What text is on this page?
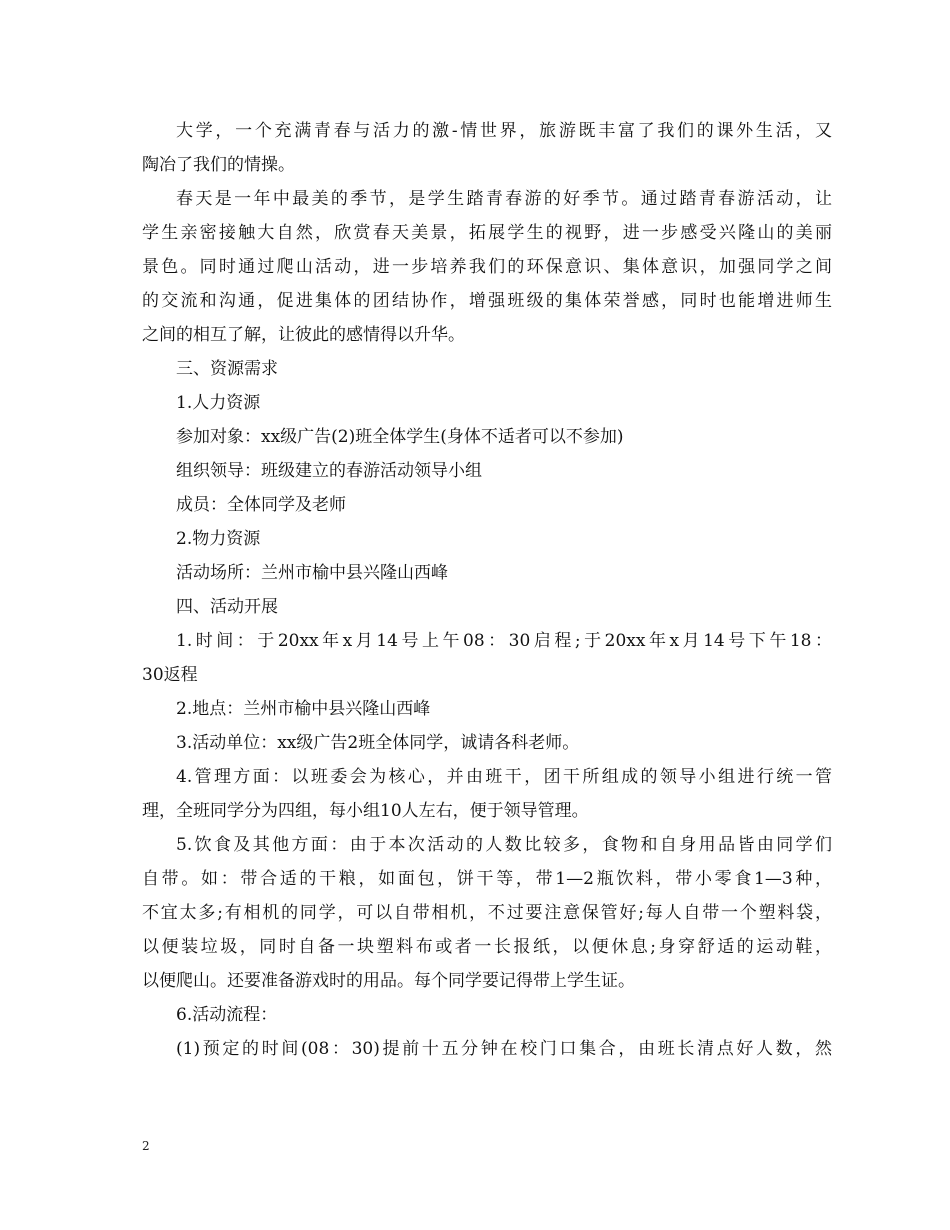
大学，一个充满青春与活力的激-情世界，旅游既丰富了我们的课外生活，又
陶冶了我们的情操。
春天是一年中最美的季节，是学生踏青春游的好季节。通过踏青春游活动，让
学生亲密接触大自然，欣赏春天美景，拓展学生的视野，进一步感受兴隆山的美丽
景色。同时通过爬山活动，进一步培养我们的环保意识、集体意识，加强同学之间
的交流和沟通，促进集体的团结协作，增强班级的集体荣誉感，同时也能增进师生
之间的相互了解，让彼此的感情得以升华。
三、资源需求
1.人力资源
参加对象：xx级广告(2)班全体学生(身体不适者可以不参加)
组织领导：班级建立的春游活动领导小组
成员：全体同学及老师
2.物力资源
活动场所：兰州市榆中县兴隆山西峰
四、活动开展
1.时间：于20xx年x月14号上午08：30启程;于20xx年x月14号下午18：
30返程
2.地点：兰州市榆中县兴隆山西峰
3.活动单位：xx级广告2班全体同学，诚请各科老师。
4.管理方面：以班委会为核心，并由班干，团干所组成的领导小组进行统一管
理，全班同学分为四组，每小组10人左右，便于领导管理。
5.饮食及其他方面：由于本次活动的人数比较多，食物和自身用品皆由同学们
自带。如：带合适的干粮，如面包，饼干等，带1—2瓶饮料，带小零食1—3种，
不宜太多;有相机的同学，可以自带相机，不过要注意保管好;每人自带一个塑料袋，
以便装垃圾，同时自备一块塑料布或者一长报纸，以便休息;身穿舒适的运动鞋，
以便爬山。还要准备游戏时的用品。每个同学要记得带上学生证。
6.活动流程：
(1)预定的时间(08：30)提前十五分钟在校门口集合，由班长清点好人数，然
2
